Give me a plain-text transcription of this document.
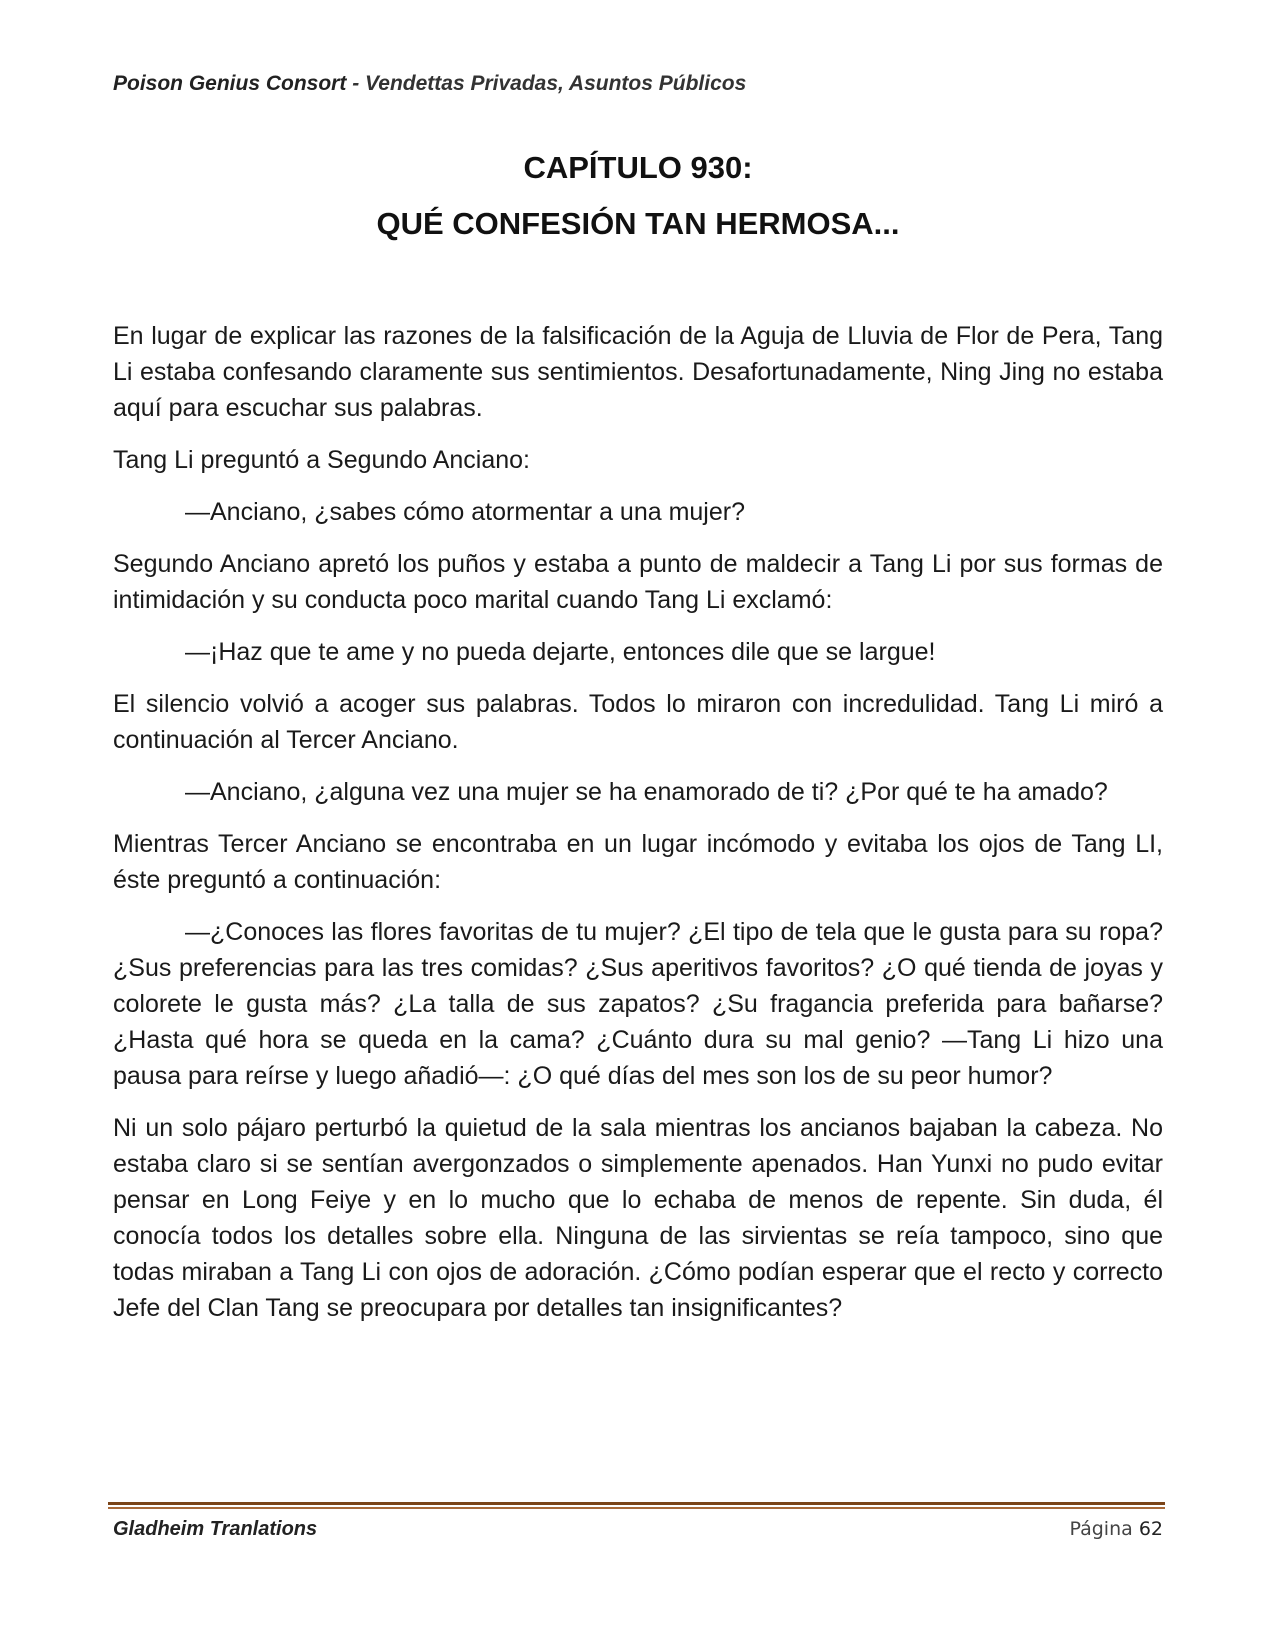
Poison Genius Consort - Vendettas Privadas, Asuntos Públicos
CAPÍTULO 930:
QUÉ CONFESIÓN TAN HERMOSA...

En lugar de explicar las razones de la falsificación de la Aguja de Lluvia de Flor de Pera, Tang Li estaba confesando claramente sus sentimientos. Desafortunadamente, Ning Jing no estaba aquí para escuchar sus palabras.

Tang Li preguntó a Segundo Anciano:

—Anciano, ¿sabes cómo atormentar a una mujer?

Segundo Anciano apretó los puños y estaba a punto de maldecir a Tang Li por sus formas de intimidación y su conducta poco marital cuando Tang Li exclamó:

—¡Haz que te ame y no pueda dejarte, entonces dile que se largue!

El silencio volvió a acoger sus palabras. Todos lo miraron con incredulidad. Tang Li miró a continuación al Tercer Anciano.

—Anciano, ¿alguna vez una mujer se ha enamorado de ti? ¿Por qué te ha amado?

Mientras Tercer Anciano se encontraba en un lugar incómodo y evitaba los ojos de Tang LI, éste preguntó a continuación:

—¿Conoces las flores favoritas de tu mujer? ¿El tipo de tela que le gusta para su ropa? ¿Sus preferencias para las tres comidas? ¿Sus aperitivos favoritos? ¿O qué tienda de joyas y colorete le gusta más? ¿La talla de sus zapatos? ¿Su fragancia preferida para bañarse? ¿Hasta qué hora se queda en la cama? ¿Cuánto dura su mal genio? —Tang Li hizo una pausa para reírse y luego añadió—: ¿O qué días del mes son los de su peor humor?

Ni un solo pájaro perturbó la quietud de la sala mientras los ancianos bajaban la cabeza. No estaba claro si se sentían avergonzados o simplemente apenados. Han Yunxi no pudo evitar pensar en Long Feiye y en lo mucho que lo echaba de menos de repente. Sin duda, él conocía todos los detalles sobre ella. Ninguna de las sirvientas se reía tampoco, sino que todas miraban a Tang Li con ojos de adoración. ¿Cómo podían esperar que el recto y correcto Jefe del Clan Tang se preocupara por detalles tan insignificantes?

Gladheim Tranlations	Página 62
